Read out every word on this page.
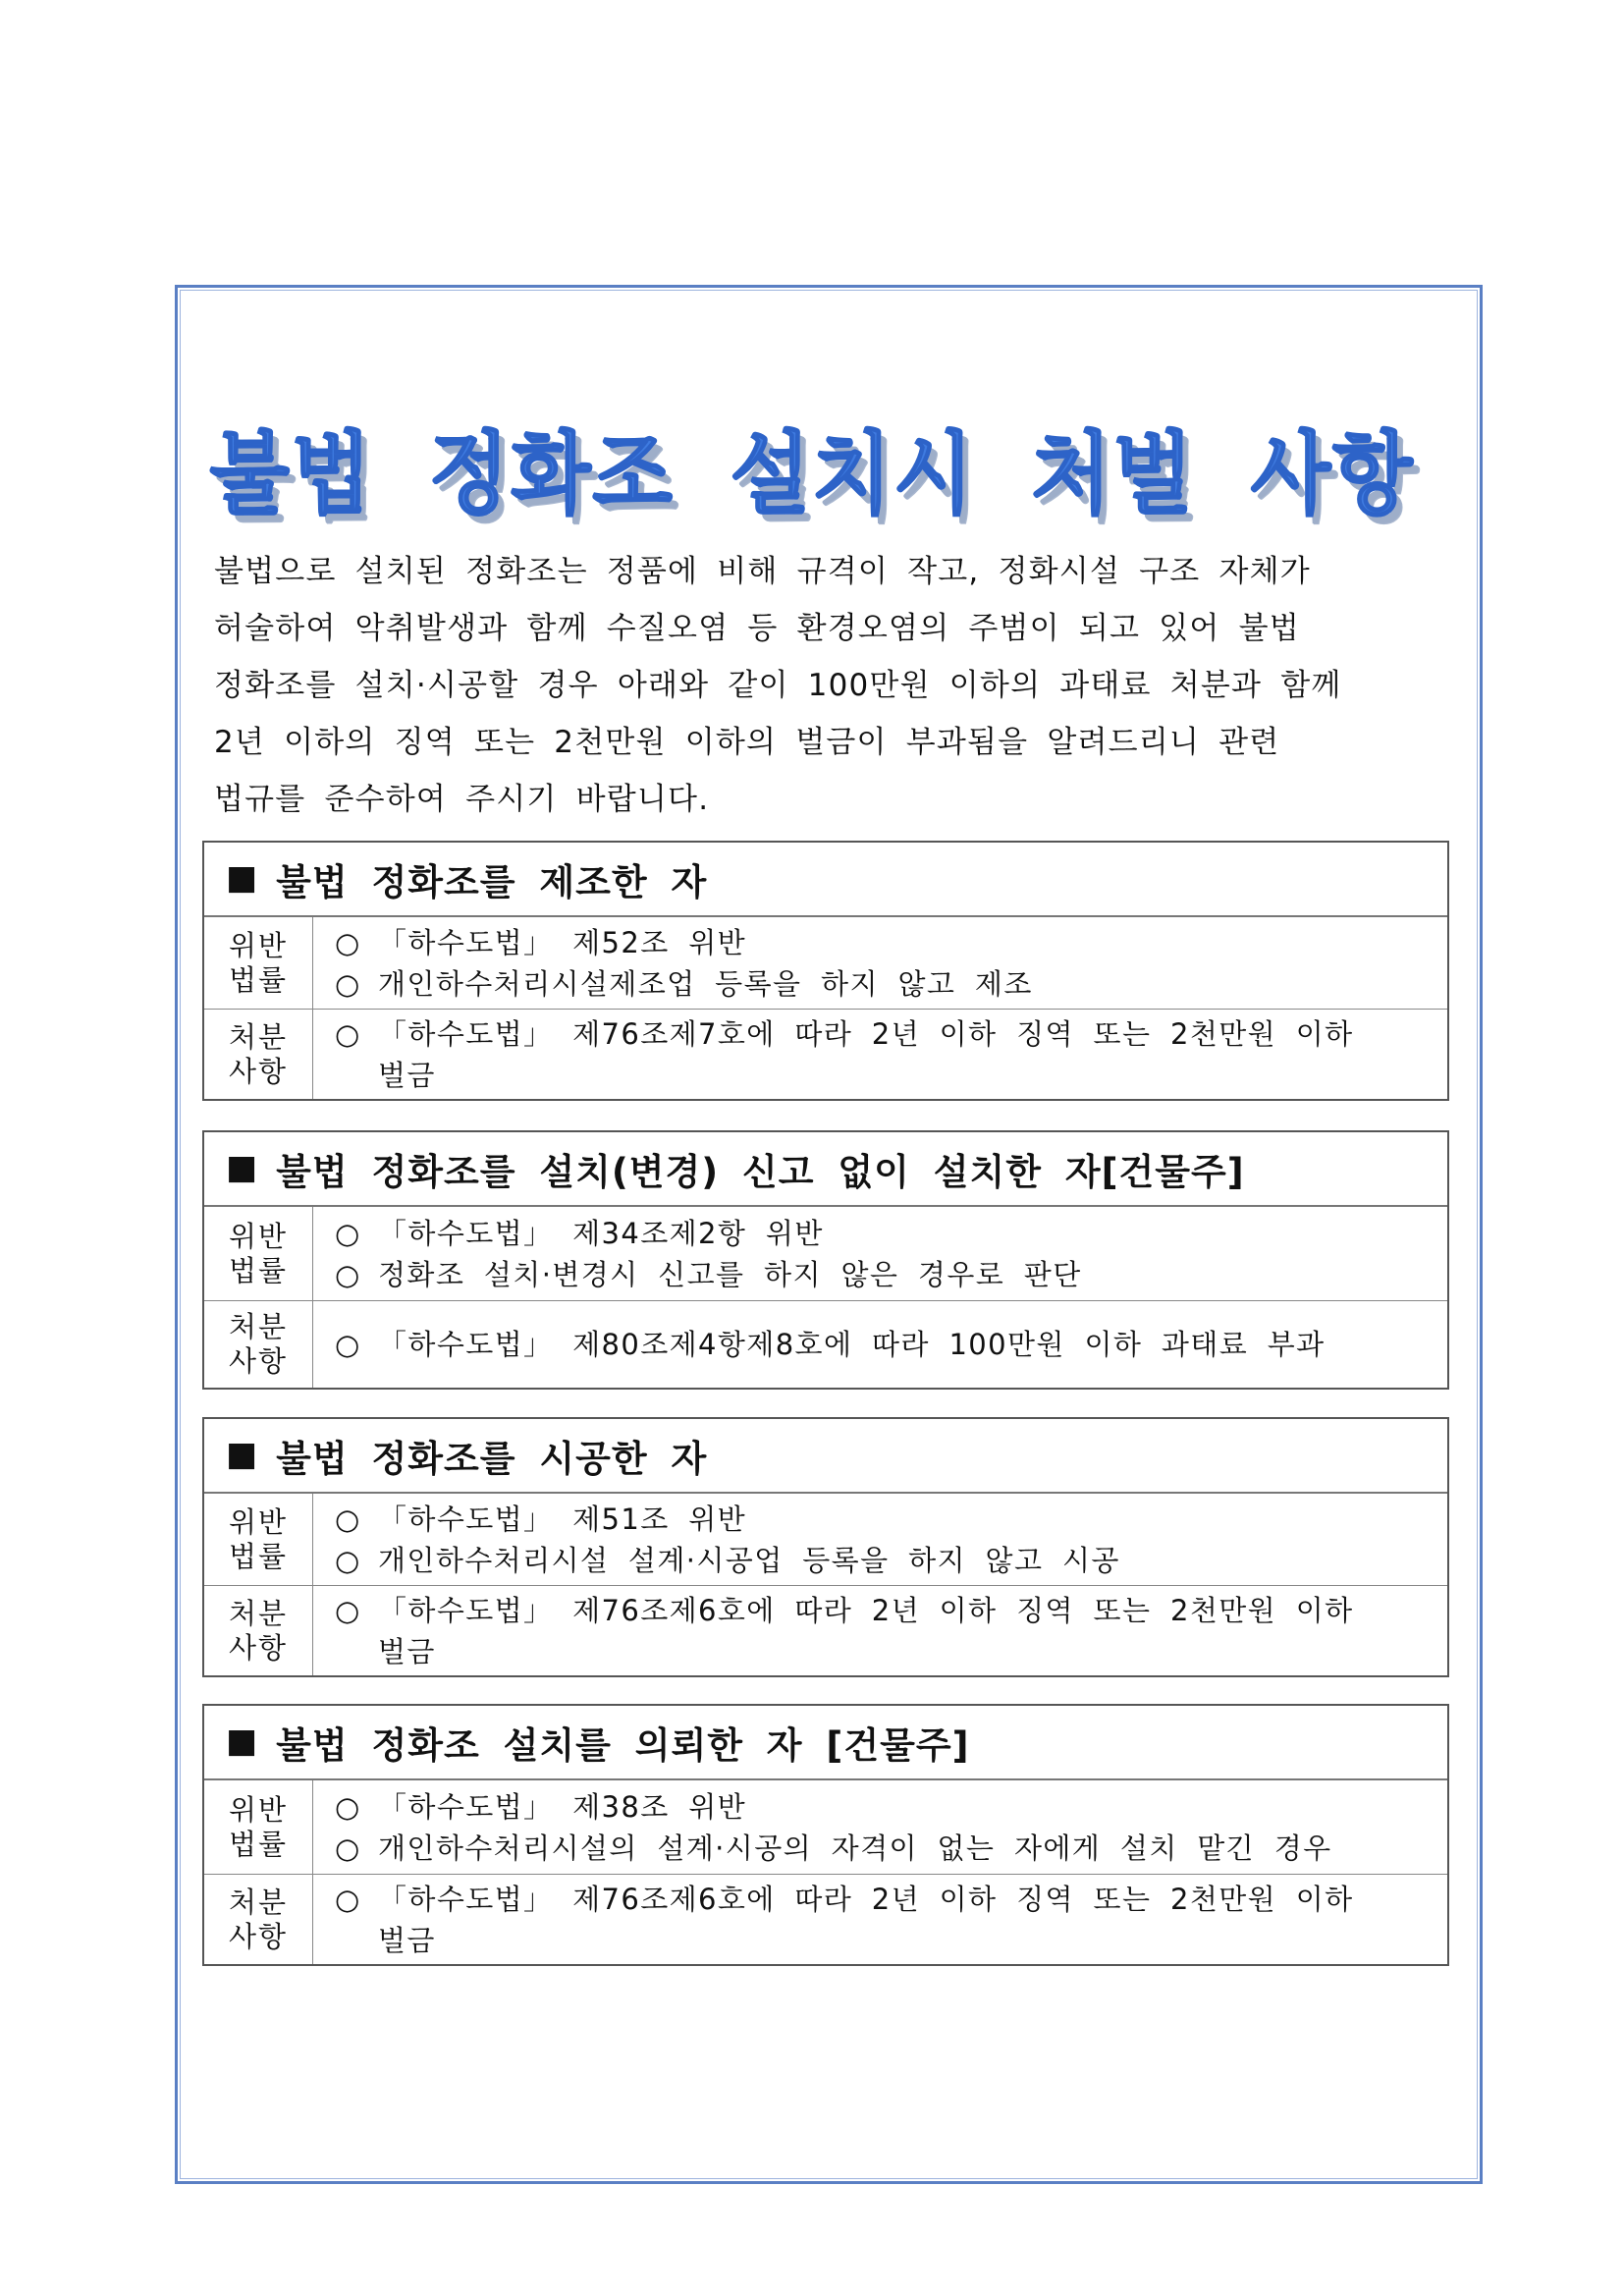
불법 정화조 설치시 처벌 사항
불법으로 설치된 정화조는 정품에 비해 규격이 작고, 정화시설 구조 자체가
허술하여 악취발생과 함께 수질오염 등 환경오염의 주범이 되고 있어 불법
정화조를 설치·시공할 경우 아래와 같이 100만원 이하의 과태료 처분과 함께
2년 이하의 징역 또는 2천만원 이하의 벌금이 부과됨을 알려드리니 관련
법규를 준수하여 주시기 바랍니다.
■ 불법 정화조를 제조한 자
위반
법률
○ 「하수도법」 제52조 위반
○ 개인하수처리시설제조업 등록을 하지 않고 제조
처분
사항
○ 「하수도법」 제76조제7호에 따라 2년 이하 징역 또는 2천만원 이하
벌금
■ 불법 정화조를 설치(변경) 신고 없이 설치한 자[건물주]
위반
법률
○ 「하수도법」 제34조제2항 위반
○ 정화조 설치·변경시 신고를 하지 않은 경우로 판단
처분
사항 ○ 「하수도법」 제80조제4항제8호에 따라 100만원 이하 과태료 부과
■ 불법 정화조를 시공한 자
위반
법률
○ 「하수도법」 제51조 위반
○ 개인하수처리시설 설계·시공업 등록을 하지 않고 시공
처분
사항
○ 「하수도법」 제76조제6호에 따라 2년 이하 징역 또는 2천만원 이하
벌금
■ 불법 정화조 설치를 의뢰한 자 [건물주]
위반
법률
○ 「하수도법」 제38조 위반
○ 개인하수처리시설의 설계·시공의 자격이 없는 자에게 설치 맡긴 경우
처분
사항
○ 「하수도법」 제76조제6호에 따라 2년 이하 징역 또는 2천만원 이하
벌금
